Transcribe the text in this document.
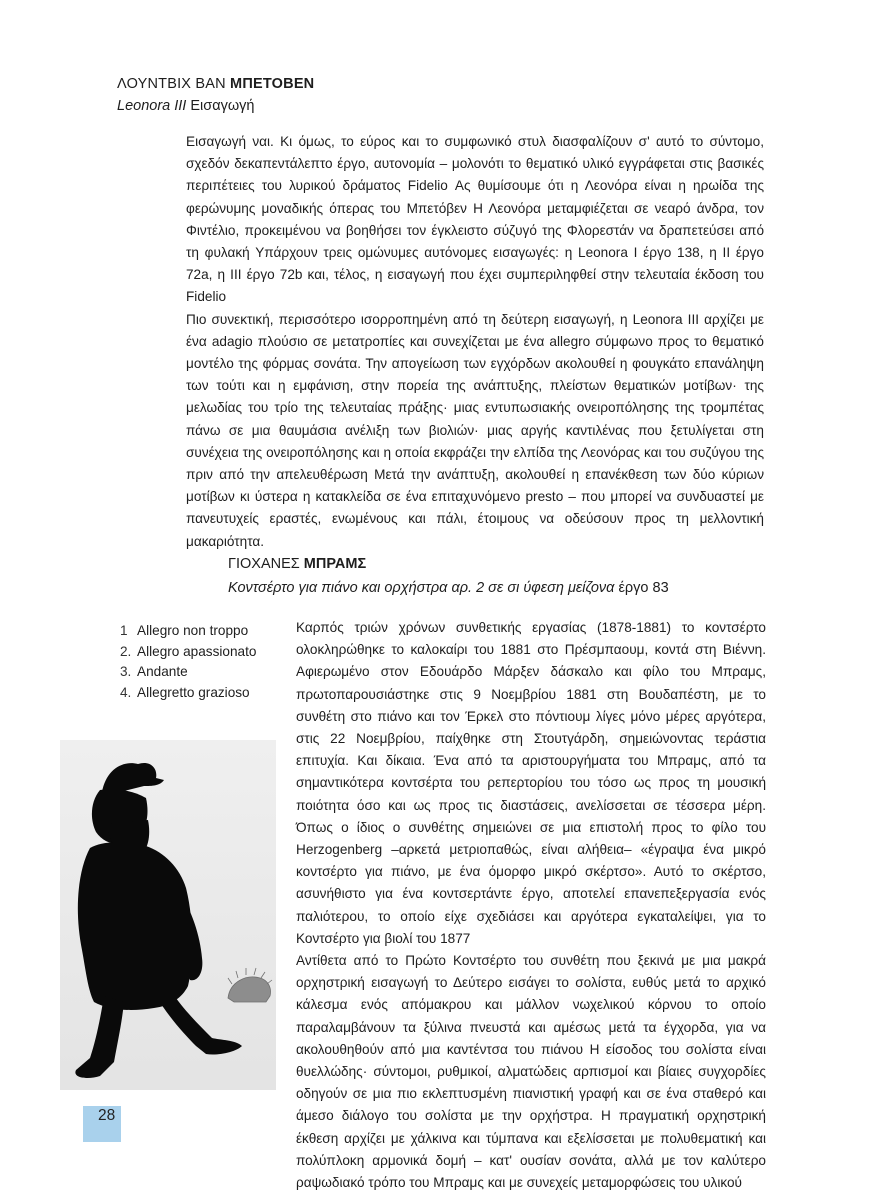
ΛΟΥΝΤΒΙΧ ΒΑΝ ΜΠΕΤΟΒΕΝ
Leonora III Εισαγωγή

Εισαγωγή ναι. Κι όμως, το εύρος και το συμφωνικό στυλ διασφαλίζουν σ' αυτό το σύντομο, σχεδόν δεκαπεντάλεπτο έργο, αυτονομία – μολονότι το θεματικό υλικό εγγράφεται στις βασικές περιπέτειες του λυρικού δράματος Fidelio Ας θυμίσουμε ότι η Λεονόρα είναι η ηρωίδα της φερώνυμης μοναδικής όπερας του Μπετόβεν Η Λεονόρα μεταμφιέζεται σε νεαρό άνδρα, τον Φιντέλιο, προκειμένου να βοηθήσει τον έγκλειστο σύζυγό της Φλορεστάν να δραπετεύσει από τη φυλακή Υπάρχουν τρεις ομώνυμες αυτόνομες εισαγωγές: η Leonora I έργο 138, η II έργο 72a, η III έργο 72b και, τέλος, η εισαγωγή που έχει συμπεριληφθεί στην τελευταία έκδοση του Fidelio

Πιο συνεκτική, περισσότερο ισορροπημένη από τη δεύτερη εισαγωγή, η Leonora III αρχίζει με ένα adagio πλούσιο σε μετατροπίες και συνεχίζεται με ένα allegro σύμφωνο προς το θεματικό μοντέλο της φόρμας σονάτα. Την απογείωση των εγχόρδων ακολουθεί η φουγκάτο επανάληψη των τούτι και η εμφάνιση, στην πορεία της ανάπτυξης, πλείστων θεματικών μοτίβων· της μελωδίας του τρίο της τελευταίας πράξης· μιας εντυπωσιακής ονειροπόλησης της τρομπέτας πάνω σε μια θαυμάσια ανέλιξη των βιολιών· μιας αργής καντιλένας που ξετυλίγεται στη συνέχεια της ονειροπόλησης και η οποία εκφράζει την ελπίδα της Λεονόρας και του συζύγου της πριν από την απελευθέρωση Μετά την ανάπτυξη, ακολουθεί η επανέκθεση των δύο κύριων μοτίβων κι ύστερα η κατακλείδα σε ένα επιταχυνόμενο presto – που μπορεί να συνδυαστεί με πανευτυχείς εραστές, ενωμένους και πάλι, έτοιμους να οδεύσουν προς τη μελλοντική μακαριότητα.

ΓΙΟΧΑΝΕΣ ΜΠΡΑΜΣ
Κοντσέρτο για πιάνο και ορχήστρα αρ. 2 σε σι ύφεση μείζονα έργο 83
1 Allegro non troppo
2. Allegro apassionato
3. Andante
4. Allegretto grazioso

Καρπός τριών χρόνων συνθετικής εργασίας (1878-1881) το κοντσέρτο ολοκληρώθηκε το καλοκαίρι του 1881 στο Πρέσμπαουμ, κοντά στη Βιέννη. Αφιερωμένο στον Εδουάρδο Μάρξεν δάσκαλο και φίλο του Μπραμς, πρωτοπαρουσιάστηκε στις 9 Νοεμβρίου 1881 στη Βουδαπέστη, με το συνθέτη στο πιάνο και τον Έρκελ στο πόντιουμ λίγες μόνο μέρες αργότερα, στις 22 Νοεμβρίου, παίχθηκε στη Στουτγάρδη, σημειώνοντας τεράστια επιτυχία. Και δίκαια. Ένα από τα αριστουργήματα του Μπραμς, από τα σημαντικότερα κοντσέρτα του ρεπερτορίου του τόσο ως προς τη μουσική ποιότητα όσο και ως προς τις διαστάσεις, ανελίσσεται σε τέσσερα μέρη. Όπως ο ίδιος ο συνθέτης σημειώνει σε μια επιστολή προς το φίλο του Herzogenberg –αρκετά μετριοπαθώς, είναι αλήθεια– «έγραψα ένα μικρό κοντσέρτο για πιάνο, με ένα όμορφο μικρό σκέρτσο». Αυτό το σκέρτσο, ασυνήθιστο για ένα κοντσερτάντε έργο, αποτελεί επανεπεξεργασία ενός παλιότερου, το οποίο είχε σχεδιάσει και αργότερα εγκαταλείψει, για το Κοντσέρτο για βιολί του 1877

Αντίθετα από το Πρώτο Κοντσέρτο του συνθέτη που ξεκινά με μια μακρά ορχηστρική εισαγωγή το Δεύτερο εισάγει το σολίστα, ευθύς μετά το αρχικό κάλεσμα ενός απόμακρου και μάλλον νωχελικού κόρνου το οποίο παραλαμβάνουν τα ξύλινα πνευστά και αμέσως μετά τα έγχορδα, για να ακολουθηθούν από μια καντέντσα του πιάνου Η είσοδος του σολίστα είναι θυελλώδης· σύντομοι, ρυθμικοί, αλματώδεις αρπισμοί και βίαιες συγχορδίες οδηγούν σε μια πιο εκλεπτυσμένη πιανιστική γραφή και σε ένα σταθερό και άμεσο διάλογο του σολίστα με την ορχήστρα. Η πραγματική ορχηστρική έκθεση αρχίζει με χάλκινα και τύμπανα και εξελίσσεται με πολυθεματική και πολύπλοκη αρμονικά δομή – κατ' ουσίαν σονάτα, αλλά με τον καλύτερο ραψωδιακό τρόπο του Μπραμς και με συνεχείς μεταμορφώσεις του υλικού

28
